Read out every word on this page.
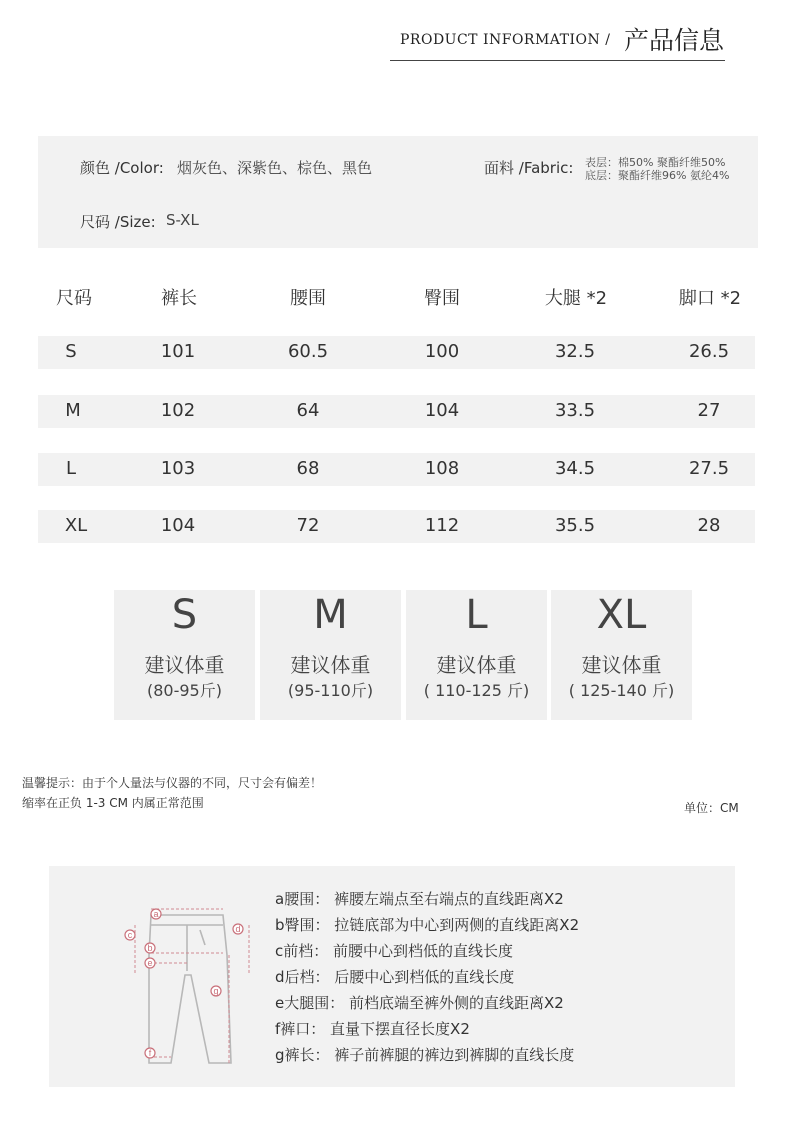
PRODUCT INFORMATION / 产品信息
颜色 /Color: 烟灰色、深紫色、棕色、黑色	面料 /Fabric: 表层：棉50% 聚酯纤维50%
底层：聚酯纤维96% 氨纶4%
尺码 /Size: S-XL
尺码	裤长	腰围	臀围	大腿 *2	脚口 *2
S	101	60.5	100	32.5	26.5
M	102	64	104	33.5	27
L	103	68	108	34.5	27.5
XL	104	72	112	35.5	28
S
建议体重
(80-95斤)
M
建议体重
(95-110斤)
L
建议体重
( 110-125 斤)
XL
建议体重
( 125-140 斤)
温馨提示：由于个人量法与仪器的不同，尺寸会有偏差！
缩率在正负 1-3 CM 内属正常范围	单位：CM
a
b
c
d
e
f
g
a腰围： 裤腰左端点至右端点的直线距离X2
b臀围： 拉链底部为中心到两侧的直线距离X2
c前档： 前腰中心到档低的直线长度
d后档： 后腰中心到档低的直线长度
e大腿围： 前档底端至裤外侧的直线距离X2
f裤口： 直量下摆直径长度X2
g裤长： 裤子前裤腿的裤边到裤脚的直线长度
